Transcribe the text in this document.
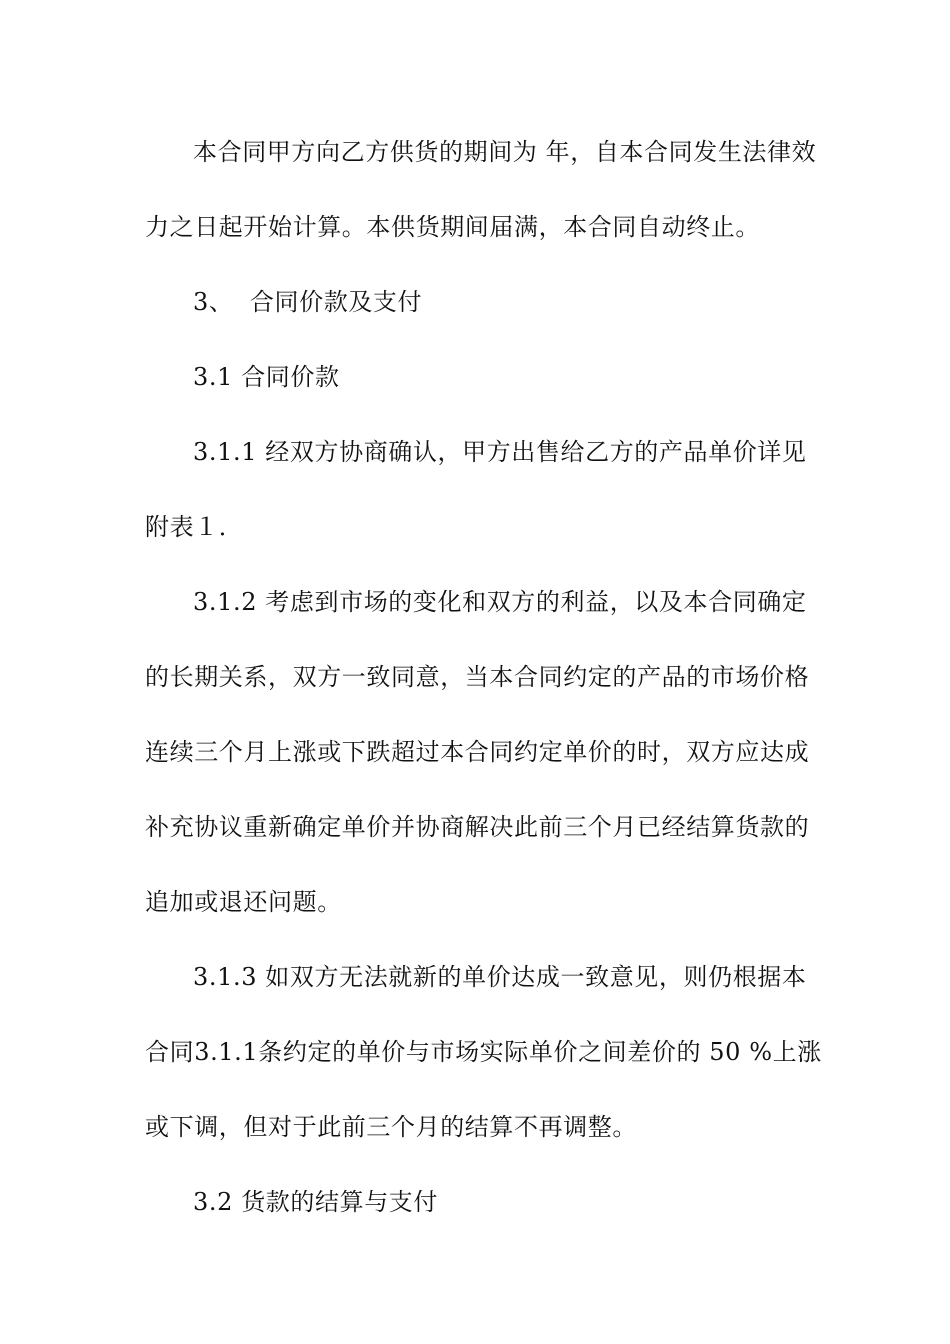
本合同甲方向乙方供货的期间为 年，自本合同发生法律效
力之日起开始计算。本供货期间届满，本合同自动终止。
3、  合同价款及支付
3.1 合同价款
3.1.1 经双方协商确认，甲方出售给乙方的产品单价详见
附表１．
3.1.2 考虑到市场的变化和双方的利益，以及本合同确定
的长期关系，双方一致同意，当本合同约定的产品的市场价格
连续三个月上涨或下跌超过本合同约定单价的时，双方应达成
补充协议重新确定单价并协商解决此前三个月已经结算货款的
追加或退还问题。
3.1.3 如双方无法就新的单价达成一致意见，则仍根据本
合同3.1.1条约定的单价与市场实际单价之间差价的 50 %上涨
或下调，但对于此前三个月的结算不再调整。
3.2 货款的结算与支付
